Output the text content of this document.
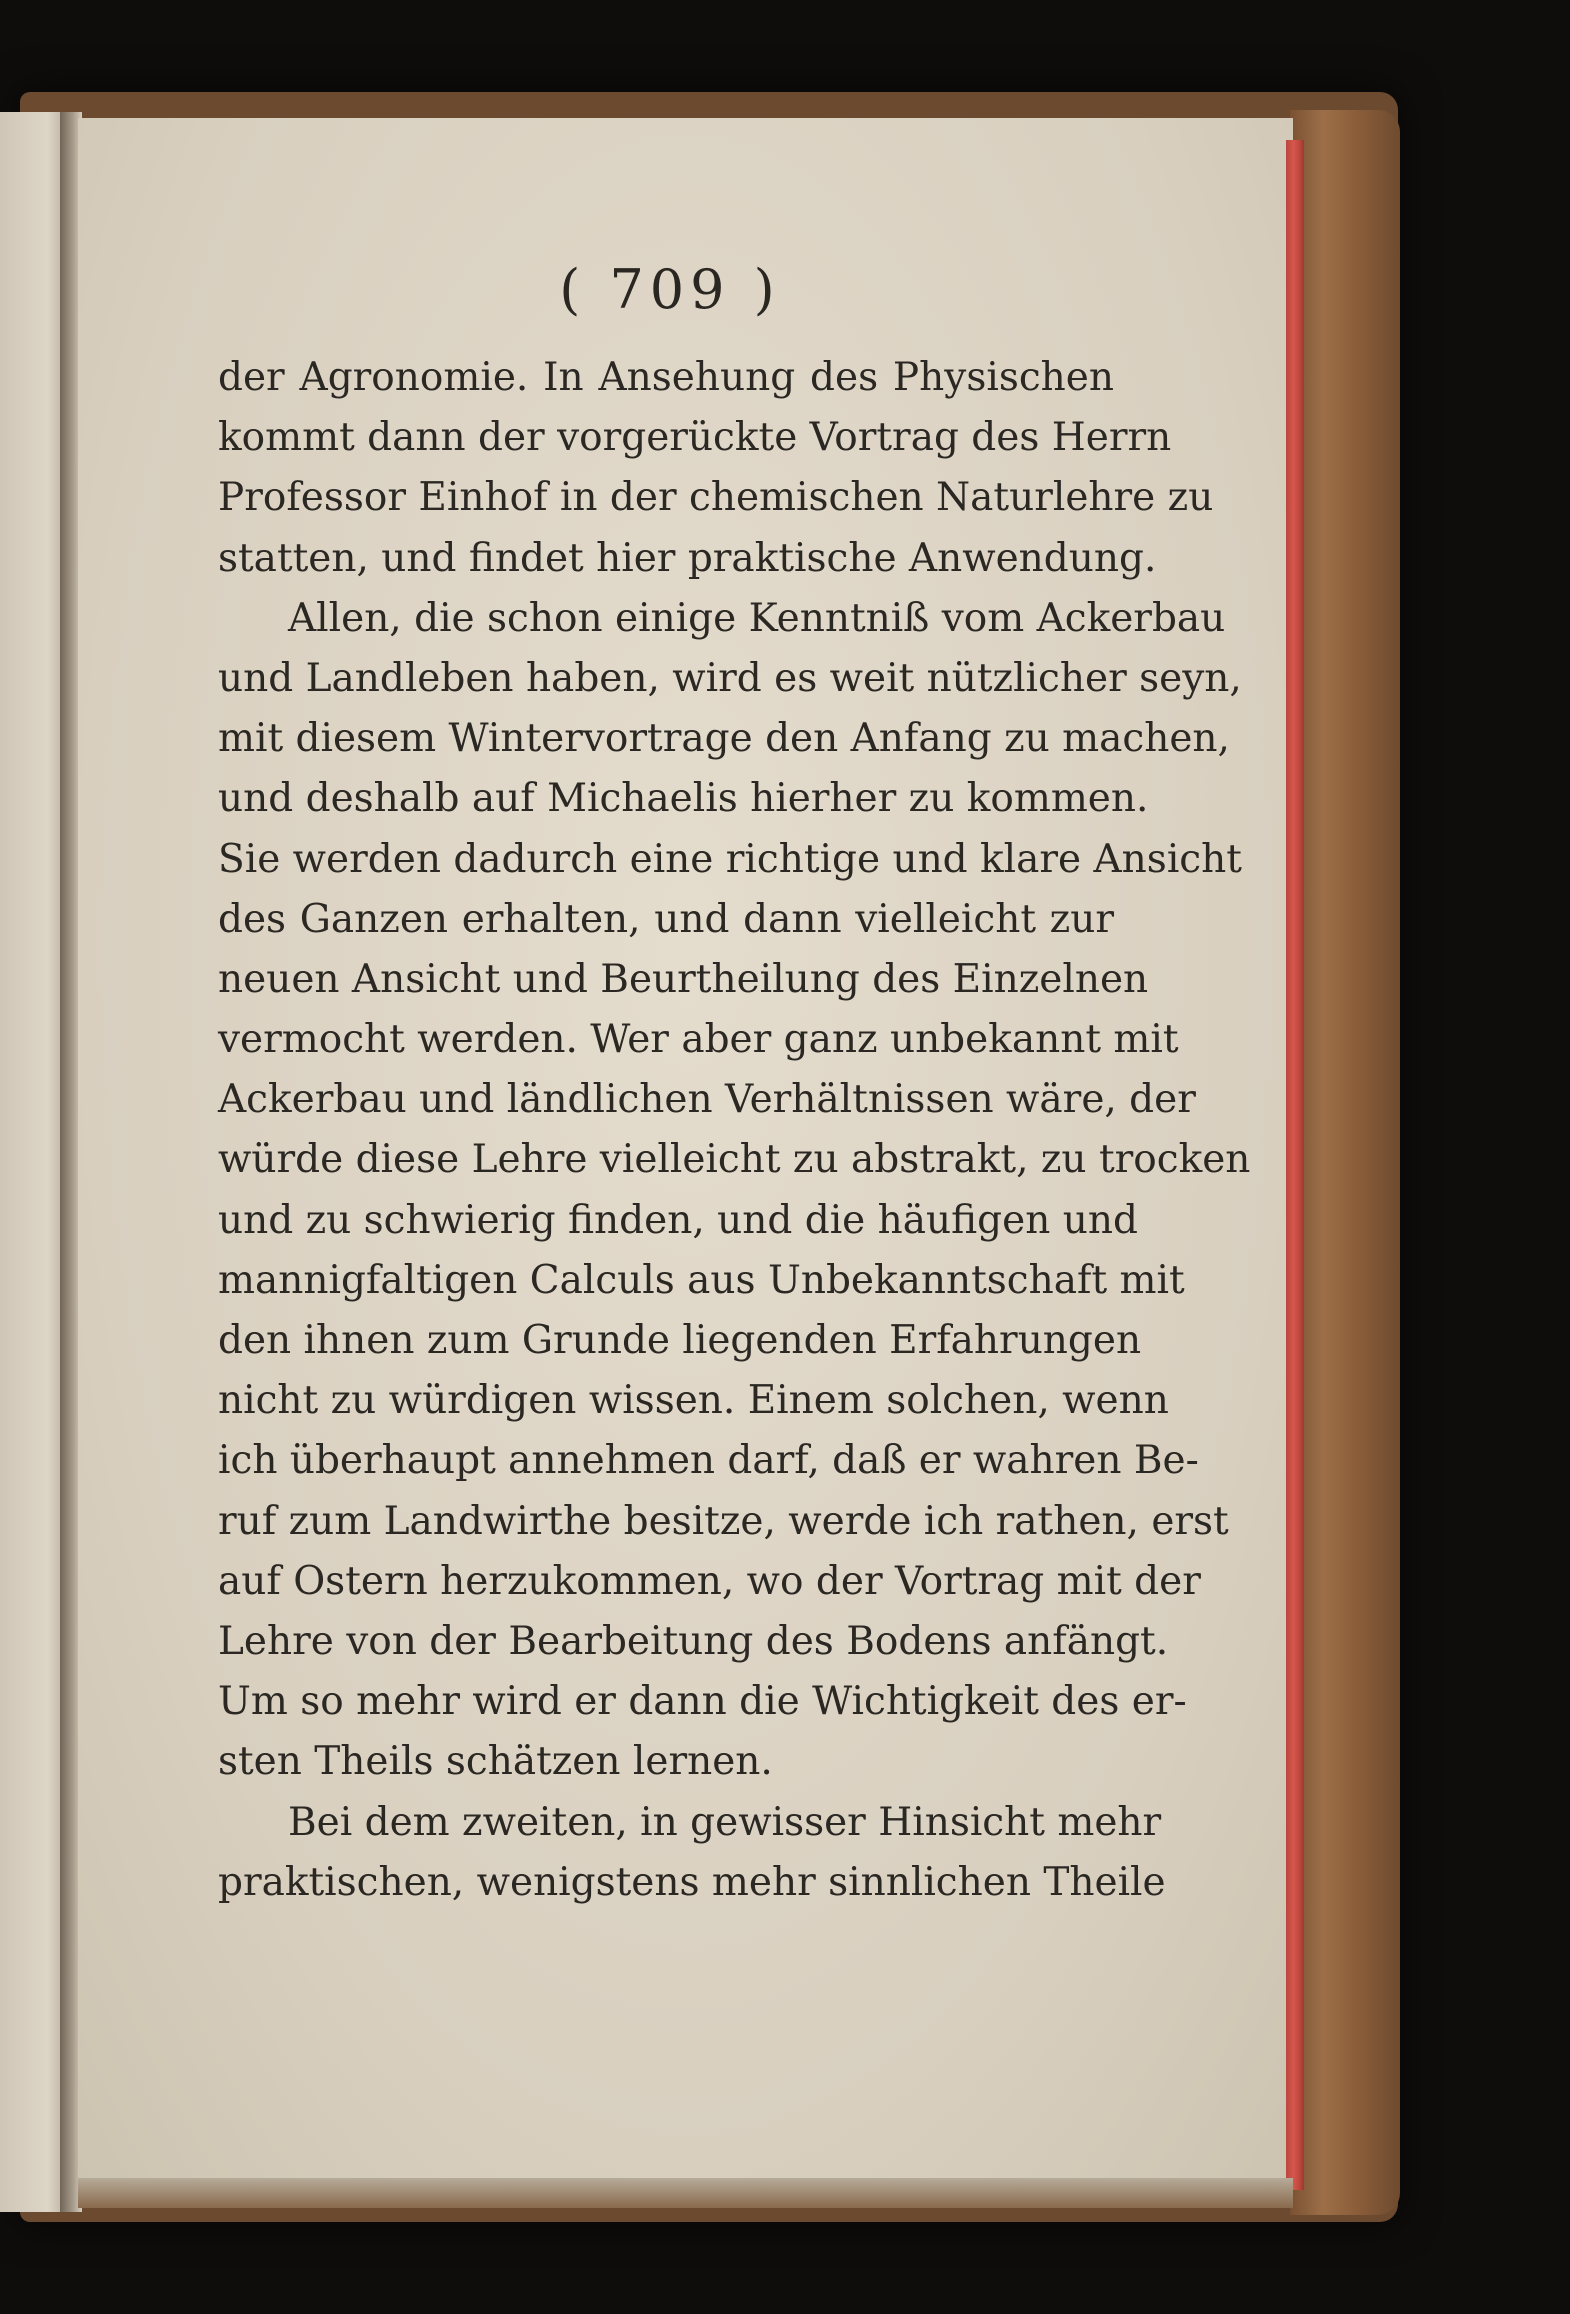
( 709 )
der Agronomie. In Ansehung des Physischen
kommt dann der vorgerückte Vortrag des Herrn
Professor Einhof in der chemischen Naturlehre zu
statten, und findet hier praktische Anwendung.
Allen, die schon einige Kenntniß vom Ackerbau
und Landleben haben, wird es weit nützlicher seyn,
mit diesem Wintervortrage den Anfang zu machen,
und deshalb auf Michaelis hierher zu kommen.
Sie werden dadurch eine richtige und klare Ansicht
des Ganzen erhalten, und dann vielleicht zur
neuen Ansicht und Beurtheilung des Einzelnen
vermocht werden. Wer aber ganz unbekannt mit
Ackerbau und ländlichen Verhältnissen wäre, der
würde diese Lehre vielleicht zu abstrakt, zu trocken
und zu schwierig finden, und die häufigen und
mannigfaltigen Calculs aus Unbekanntschaft mit
den ihnen zum Grunde liegenden Erfahrungen
nicht zu würdigen wissen. Einem solchen, wenn
ich überhaupt annehmen darf, daß er wahren Be-
ruf zum Landwirthe besitze, werde ich rathen, erst
auf Ostern herzukommen, wo der Vortrag mit der
Lehre von der Bearbeitung des Bodens anfängt.
Um so mehr wird er dann die Wichtigkeit des er-
sten Theils schätzen lernen.
Bei dem zweiten, in gewisser Hinsicht mehr
praktischen, wenigstens mehr sinnlichen Theile
